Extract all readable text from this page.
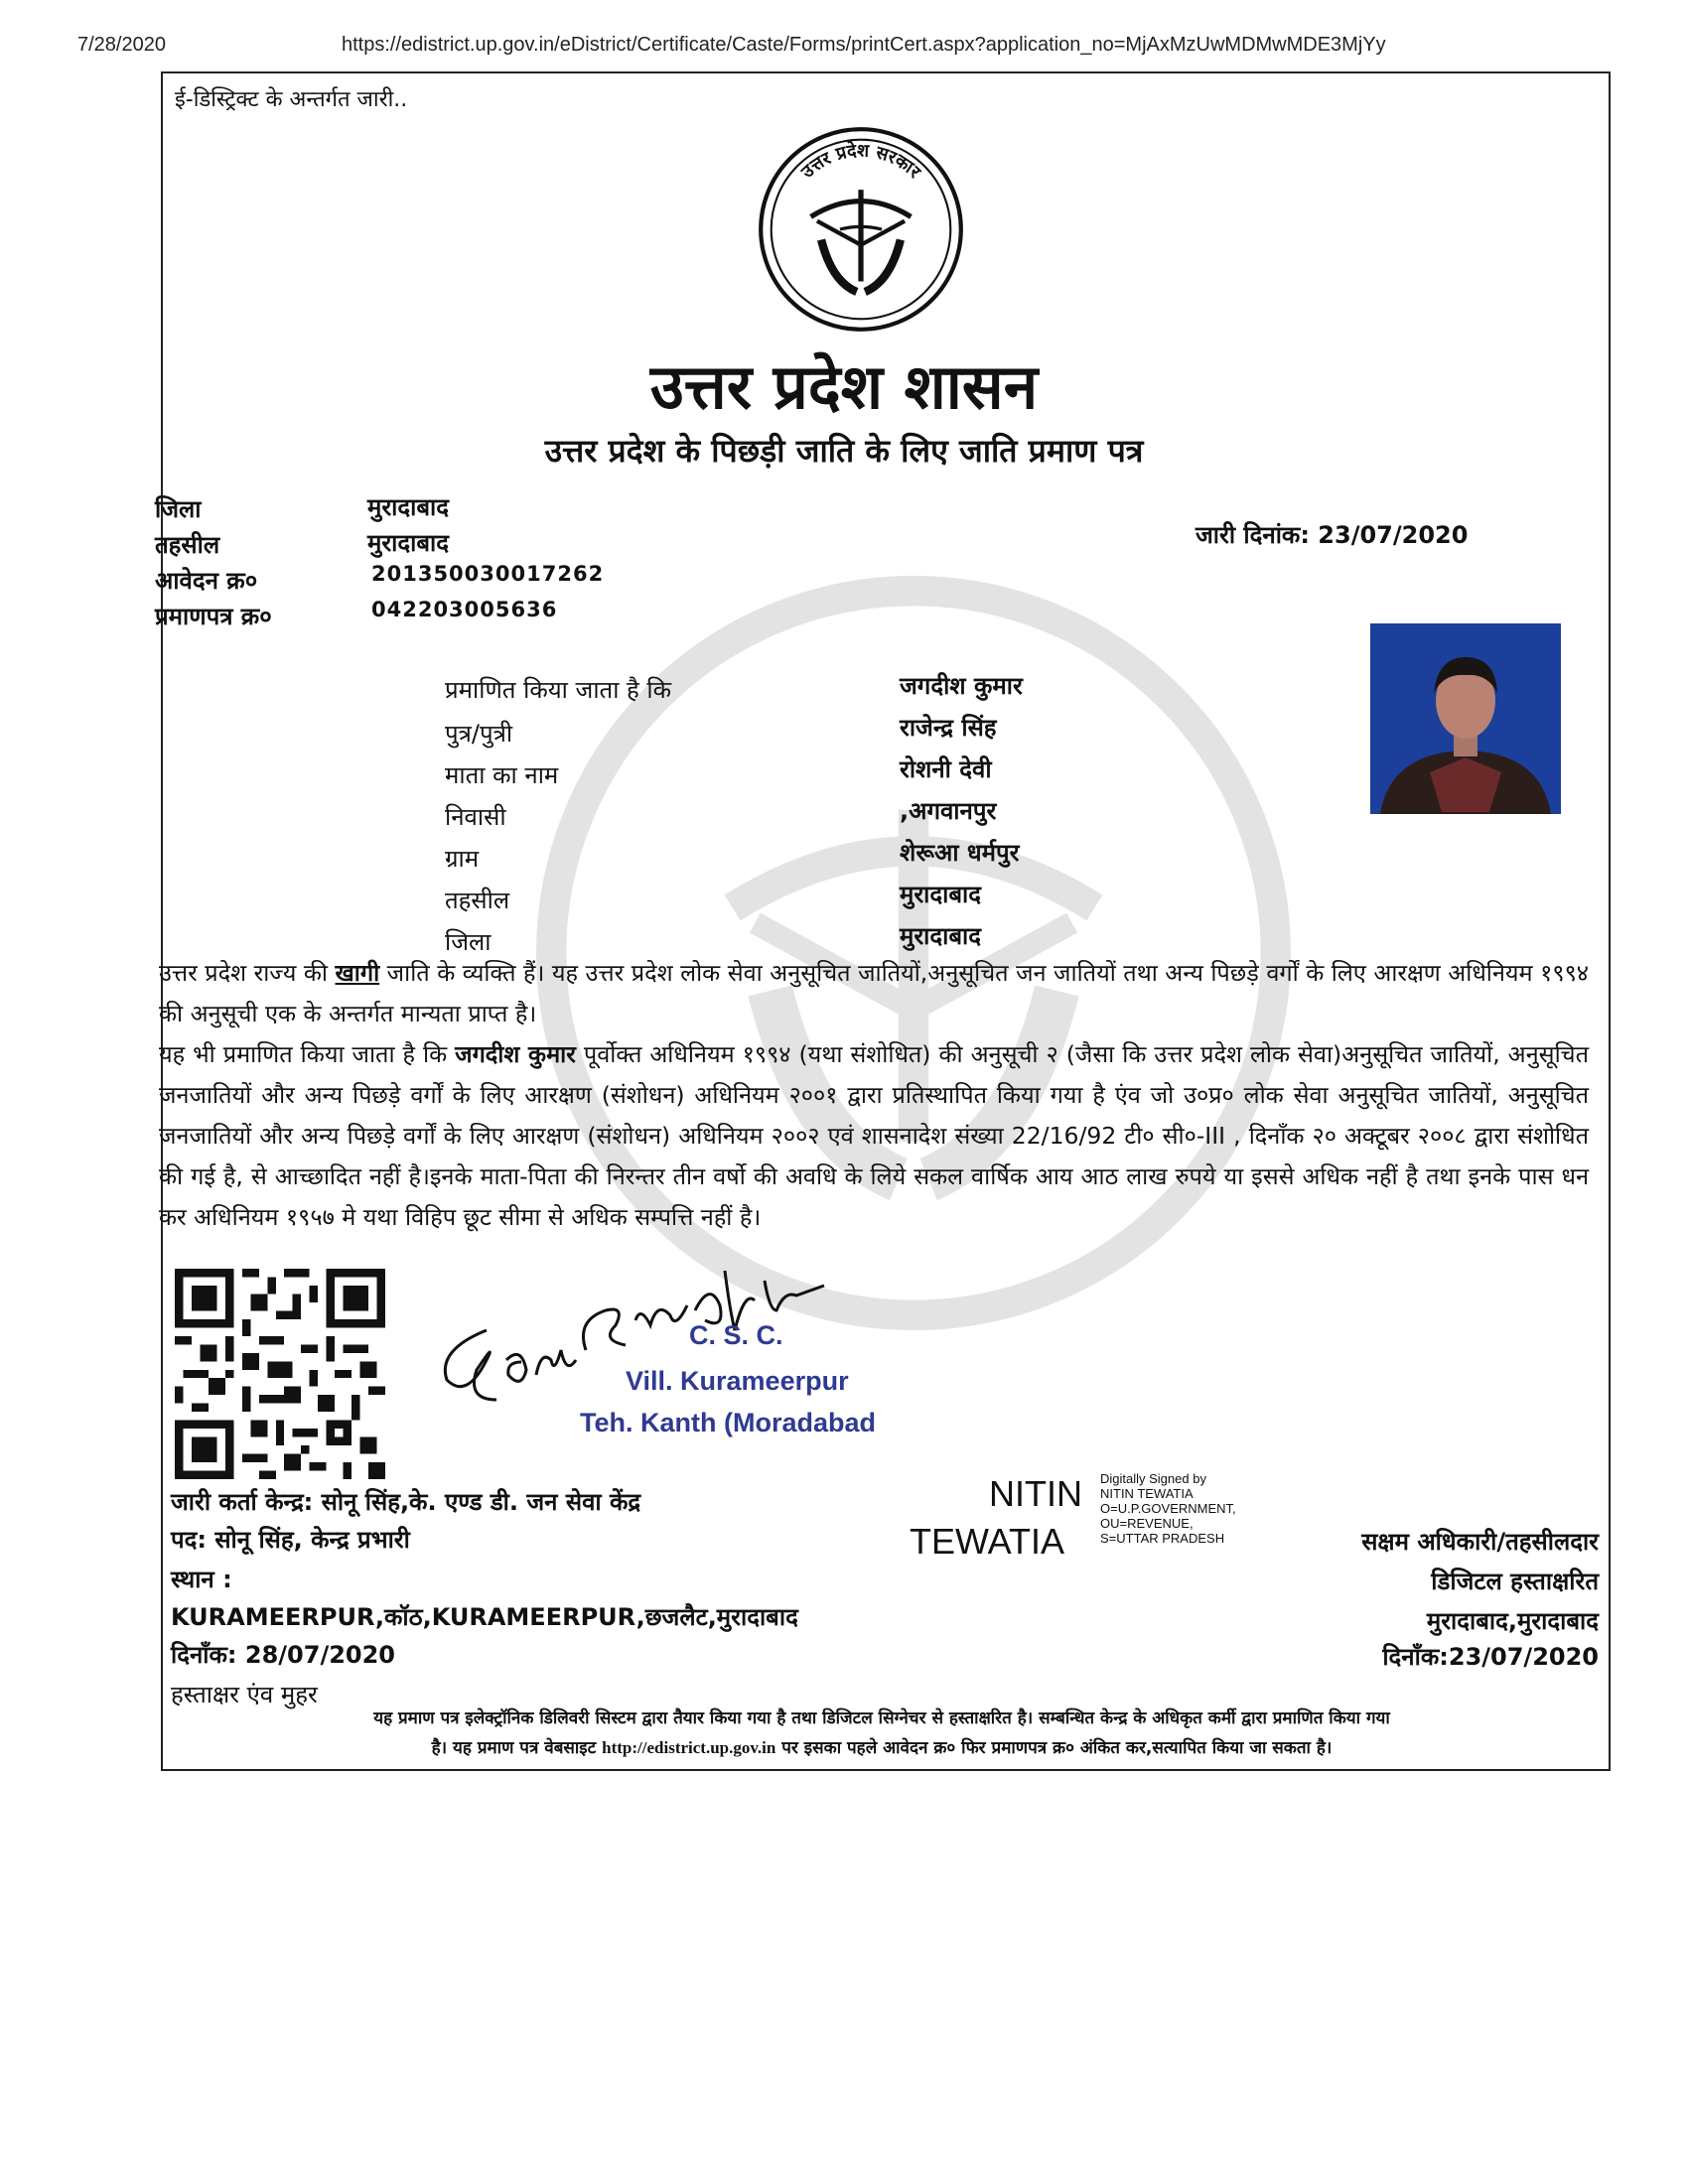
7/28/2020	https://edistrict.up.gov.in/eDistrict/Certificate/Caste/Forms/printCert.aspx?application_no=MjAxMzUwMDMwMDE3MjYy
ई-डिस्ट्रिक्ट के अन्तर्गत जारी..
उत्तर प्रदेश सरकार
उत्तर प्रदेश शासन
उत्तर प्रदेश के पिछड़ी जाति के लिए जाति प्रमाण पत्र
जिला	मुरादाबाद
तहसील	मुरादाबाद
आवेदन क्र०	201350030017262
प्रमाणपत्र क्र०	042203005636
जारी दिनांक: 23/07/2020
प्रमाणित किया जाता है कि	जगदीश कुमार
पुत्र/पुत्री	राजेन्द्र सिंह
माता का नाम	रोशनी देवी
निवासी	,अगवानपुर
ग्राम	शेरूआ धर्मपुर
तहसील	मुरादाबाद
जिला	मुरादाबाद
उत्तर प्रदेश राज्य की खागी जाति के व्यक्ति हैं। यह उत्तर प्रदेश लोक सेवा अनुसूचित जातियों,अनुसूचित जन जातियों तथा अन्य पिछड़े वर्गों के लिए आरक्षण अधिनियम १९९४ की अनुसूची एक के अन्तर्गत मान्यता प्राप्त है।
यह भी प्रमाणित किया जाता है कि जगदीश कुमार पूर्वोक्त अधिनियम १९९४ (यथा संशोधित) की अनुसूची २ (जैसा कि उत्तर प्रदेश लोक सेवा)अनुसूचित जातियों, अनुसूचित जनजातियों और अन्य पिछड़े वर्गों के लिए आरक्षण (संशोधन) अधिनियम २००१ द्वारा प्रतिस्थापित किया गया है एंव जो उ०प्र० लोक सेवा अनुसूचित जातियों, अनुसूचित जनजातियों और अन्य पिछड़े वर्गों के लिए आरक्षण (संशोधन) अधिनियम २००२ एवं शासनादेश संख्या 22/16/92 टी० सी०-III , दिनाँक २० अक्टूबर २००८ द्वारा संशोधित की गई है, से आच्छादित नहीं है।इनके माता-पिता की निरन्तर तीन वर्षो की अवधि के लिये सकल वार्षिक आय आठ लाख रुपये या इससे अधिक नहीं है तथा इनके पास धन कर अधिनियम १९५७ मे यथा विहिप छूट सीमा से अधिक सम्पत्ति नहीं है।
C. S. C.
Vill. Kurameerpur
Teh. Kanth (Moradabad
जारी कर्ता केन्द्र: सोनू सिंह,के. एण्ड डी. जन सेवा केंद्र
पद: सोनू सिंह, केन्द्र प्रभारी
स्थान :
KURAMEERPUR,कॉठ,KURAMEERPUR,छजलैट,मुरादाबाद
दिनाँक: 28/07/2020
हस्ताक्षर एंव मुहर
NITIN
TEWATIA
Digitally Signed by
NITIN TEWATIA
O=U.P.GOVERNMENT,
OU=REVENUE,
S=UTTAR PRADESH	सक्षम अधिकारी/तहसीलदार
डिजिटल हस्ताक्षरित
मुरादाबाद,मुरादाबाद
दिनाँक:23/07/2020
यह प्रमाण पत्र इलेक्ट्रॉनिक डिलिवरी सिस्टम द्वारा तैयार किया गया है तथा डिजिटल सिग्नेचर से हस्ताक्षरित है। सम्बन्धित केन्द्र के अधिकृत कर्मी द्वारा प्रमाणित किया गया
है। यह प्रमाण पत्र वेबसाइट http://edistrict.up.gov.in पर इसका पहले आवेदन क्र० फिर प्रमाणपत्र क्र० अंकित कर,सत्यापित किया जा सकता है।
